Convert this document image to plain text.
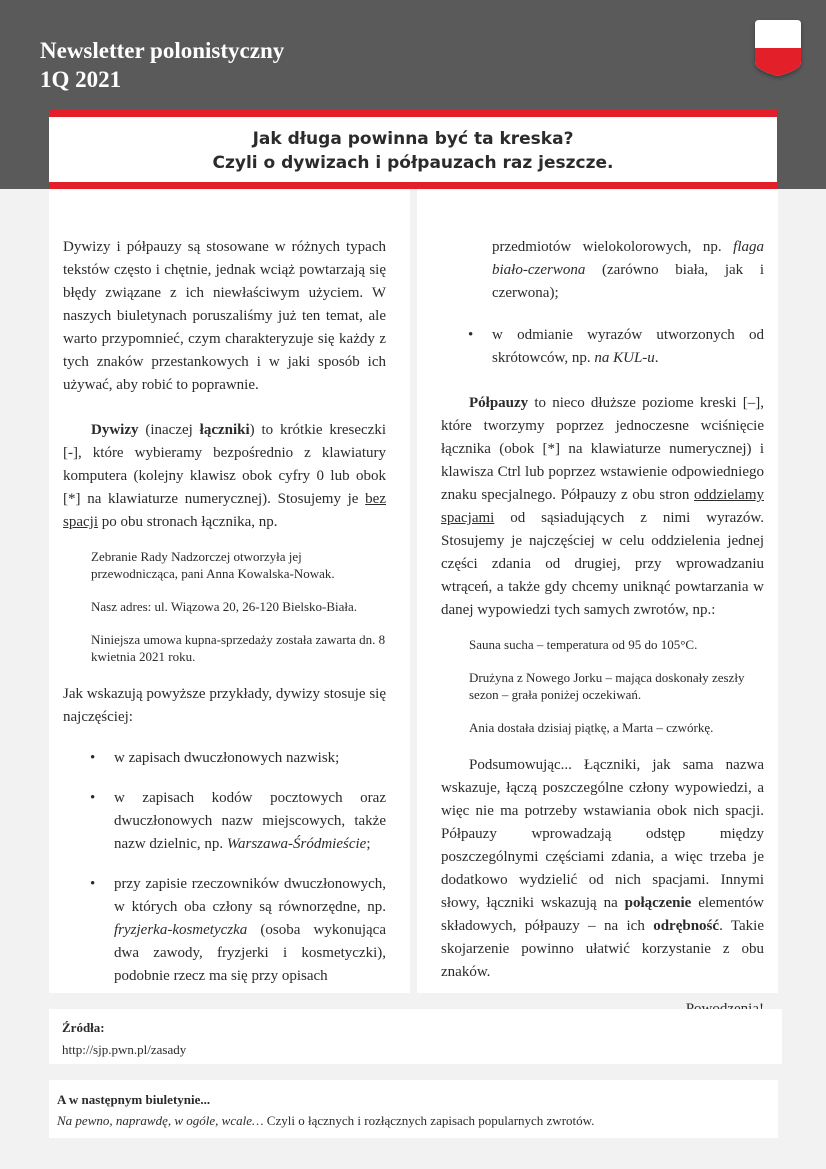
Newsletter polonistyczny
1Q 2021
Jak długa powinna być ta kreska?
Czyli o dywizach i półpauzach raz jeszcze.

Dywizy i półpauzy są stosowane w różnych typach tekstów często i chętnie, jednak wciąż powtarzają się błędy związane z ich niewłaściwym użyciem. W naszych biuletynach poruszaliśmy już ten temat, ale warto przypomnieć, czym charakteryzuje się każdy z tych znaków przestankowych i w jaki sposób ich używać, aby robić to poprawnie.

Dywizy (inaczej łączniki) to krótkie kreseczki [-], które wybieramy bezpośrednio z klawiatury komputera (kolejny klawisz obok cyfry 0 lub obok [*] na klawiaturze numerycznej). Stosujemy je bez spacji po obu stronach łącznika, np.

Zebranie Rady Nadzorczej otworzyła jej przewodnicząca, pani Anna Kowalska-Nowak.

Nasz adres: ul. Wiązowa 20, 26-120 Bielsko-Biała.

Niniejsza umowa kupna-sprzedaży została zawarta dn. 8 kwietnia 2021 roku.

Jak wskazują powyższe przykłady, dywizy stosuje się najczęściej:

• w zapisach dwuczłonowych nazwisk;
• w zapisach kodów pocztowych oraz dwuczłonowych nazw miejscowych, także nazw dzielnic, np. Warszawa-Śródmieście;
• przy zapisie rzeczowników dwuczłonowych, w których oba człony są równorzędne, np. fryzjerka-kosmetyczka (osoba wykonująca dwa zawody, fryzjerki i kosmetyczki), podobnie rzecz ma się przy opisach
przedmiotów wielokolorowych, np. flaga biało-czerwona (zarówno biała, jak i czerwona);
• w odmianie wyrazów utworzonych od skrótowców, np. na KUL-u.

Półpauzy to nieco dłuższe poziome kreski [–], które tworzymy poprzez jednoczesne wciśnięcie łącznika (obok [*] na klawiaturze numerycznej) i klawisza Ctrl lub poprzez wstawienie odpowiedniego znaku specjalnego. Półpauzy z obu stron oddzielamy spacjami od sąsiadujących z nimi wyrazów. Stosujemy je najczęściej w celu oddzielenia jednej części zdania od drugiej, przy wprowadzaniu wtrąceń, a także gdy chcemy uniknąć powtarzania w danej wypowiedzi tych samych zwrotów, np.:

Sauna sucha – temperatura od 95 do 105°C.

Drużyna z Nowego Jorku – mająca doskonały zeszły sezon – grała poniżej oczekiwań.

Ania dostała dzisiaj piątkę, a Marta – czwórkę.

Podsumowując... Łączniki, jak sama nazwa wskazuje, łączą poszczególne człony wypowiedzi, a więc nie ma potrzeby wstawiania obok nich spacji. Półpauzy wprowadzają odstęp między poszczególnymi częściami zdania, a więc trzeba je dodatkowo wydzielić od nich spacjami. Innymi słowy, łączniki wskazują na połączenie elementów składowych, półpauzy – na ich odrębność. Takie skojarzenie powinno ułatwić korzystanie z obu znaków.

Źródła:
http://sjp.pwn.pl/zasady
A w następnym biuletynie...
Na pewno, naprawdę, w ogóle, wcale… Czyli o łącznych i rozłącznych zapisach popularnych zwrotów.
